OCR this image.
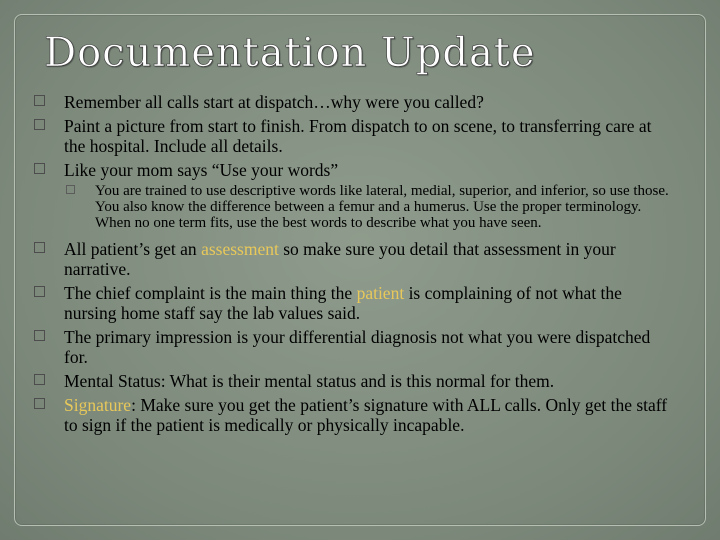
Documentation Update
Remember all calls start at dispatch…why were you called?
Paint a picture from start to finish. From dispatch to on scene, to transferring care at the hospital. Include all details.
Like your mom says “Use your words”
You are trained to use descriptive words like lateral, medial, superior, and inferior, so use those. You also know the difference between a femur and a humerus. Use the proper terminology. When no one term fits, use the best words to describe what you have seen.
All patient’s get an assessment so make sure you detail that assessment in your narrative.
The chief complaint is the main thing the patient is complaining of not what the nursing home staff say the lab values said.
The primary impression is your differential diagnosis not what you were dispatched for.
Mental Status: What is their mental status and is this normal for them.
Signature: Make sure you get the patient’s signature with ALL calls. Only get the staff to sign if the patient is medically or physically incapable.
